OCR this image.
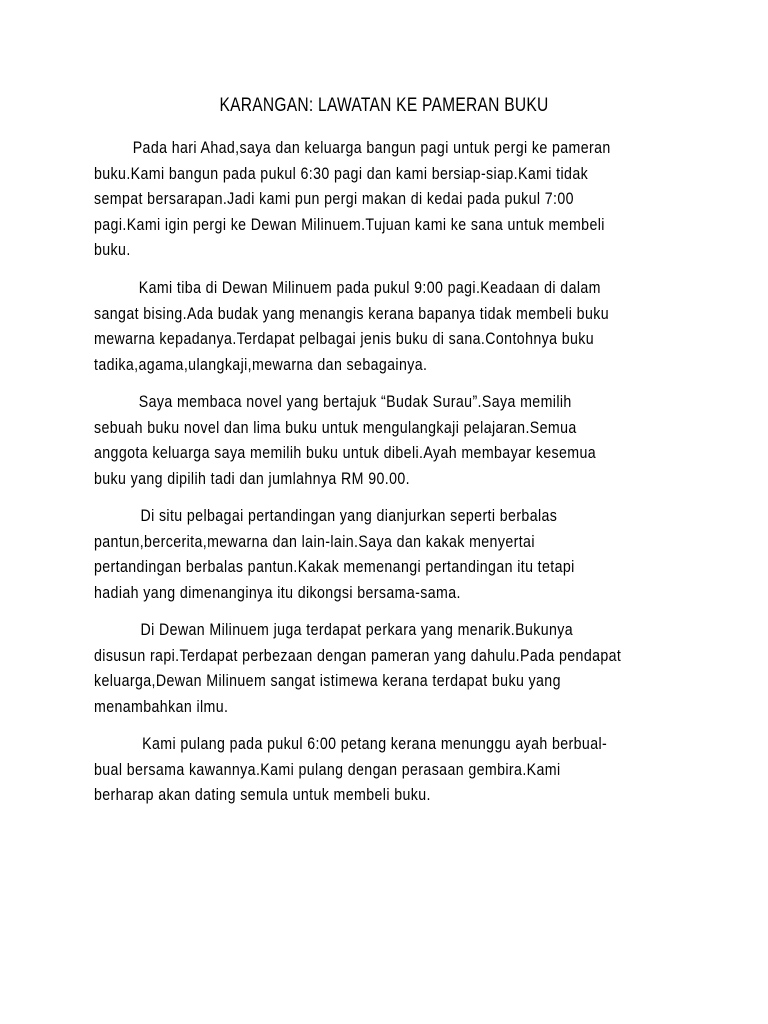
KARANGAN: LAWATAN KE PAMERAN BUKU

Pada hari Ahad,saya dan keluarga bangun pagi untuk pergi ke pameran
buku.Kami bangun pada pukul 6:30 pagi dan kami bersiap-siap.Kami tidak
sempat bersarapan.Jadi kami pun pergi makan di kedai pada pukul 7:00
pagi.Kami igin pergi ke Dewan Milinuem.Tujuan kami ke sana untuk membeli
buku.

Kami tiba di Dewan Milinuem pada pukul 9:00 pagi.Keadaan di dalam
sangat bising.Ada budak yang menangis kerana bapanya tidak membeli buku
mewarna kepadanya.Terdapat pelbagai jenis buku di sana.Contohnya buku
tadika,agama,ulangkaji,mewarna dan sebagainya.

Saya membaca novel yang bertajuk “Budak Surau”.Saya memilih
sebuah buku novel dan lima buku untuk mengulangkaji pelajaran.Semua
anggota keluarga saya memilih buku untuk dibeli.Ayah membayar kesemua
buku yang dipilih tadi dan jumlahnya RM 90.00.

Di situ pelbagai pertandingan yang dianjurkan seperti berbalas
pantun,bercerita,mewarna dan lain-lain.Saya dan kakak menyertai
pertandingan berbalas pantun.Kakak memenangi pertandingan itu tetapi
hadiah yang dimenanginya itu dikongsi bersama-sama.

Di Dewan Milinuem juga terdapat perkara yang menarik.Bukunya
disusun rapi.Terdapat perbezaan dengan pameran yang dahulu.Pada pendapat
keluarga,Dewan Milinuem sangat istimewa kerana terdapat buku yang
menambahkan ilmu.

Kami pulang pada pukul 6:00 petang kerana menunggu ayah berbual-
bual bersama kawannya.Kami pulang dengan perasaan gembira.Kami
berharap akan dating semula untuk membeli buku.
